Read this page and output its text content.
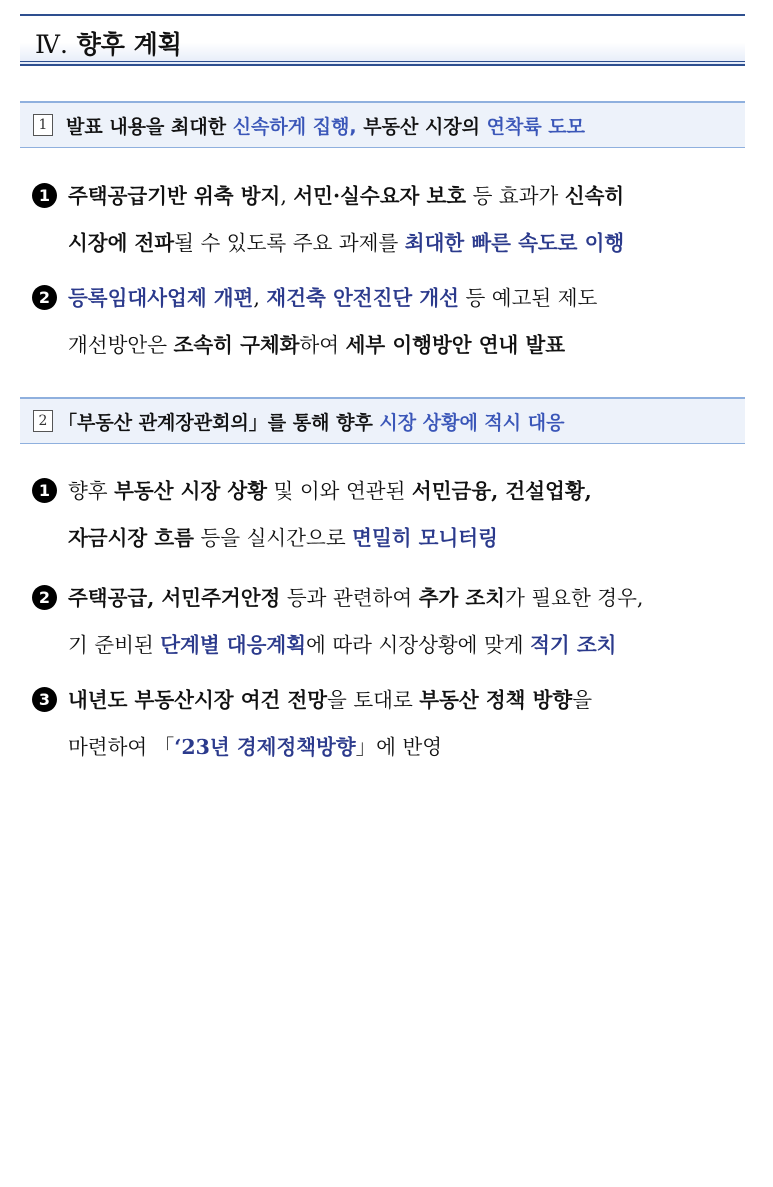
Ⅳ. 향후 계획
1 발표 내용을 최대한 신속하게 집행, 부동산 시장의 연착륙 도모
1 주택공급기반 위축 방지, 서민·실수요자 보호 등 효과가 신속히
시장에 전파될 수 있도록 주요 과제를 최대한 빠른 속도로 이행
2 등록임대사업제 개편, 재건축 안전진단 개선 등 예고된 제도
개선방안은 조속히 구체화하여 세부 이행방안 연내 발표
2 「부동산 관계장관회의」를 통해 향후 시장 상황에 적시 대응
1 향후 부동산 시장 상황 및 이와 연관된 서민금융, 건설업황,
자금시장 흐름 등을 실시간으로 면밀히 모니터링
2 주택공급, 서민주거안정 등과 관련하여 추가 조치가 필요한 경우,
기 준비된 단계별 대응계획에 따라 시장상황에 맞게 적기 조치
3 내년도 부동산시장 여건 전망을 토대로 부동산 정책 방향을
마련하여 「‘23년 경제정책방향」에 반영
